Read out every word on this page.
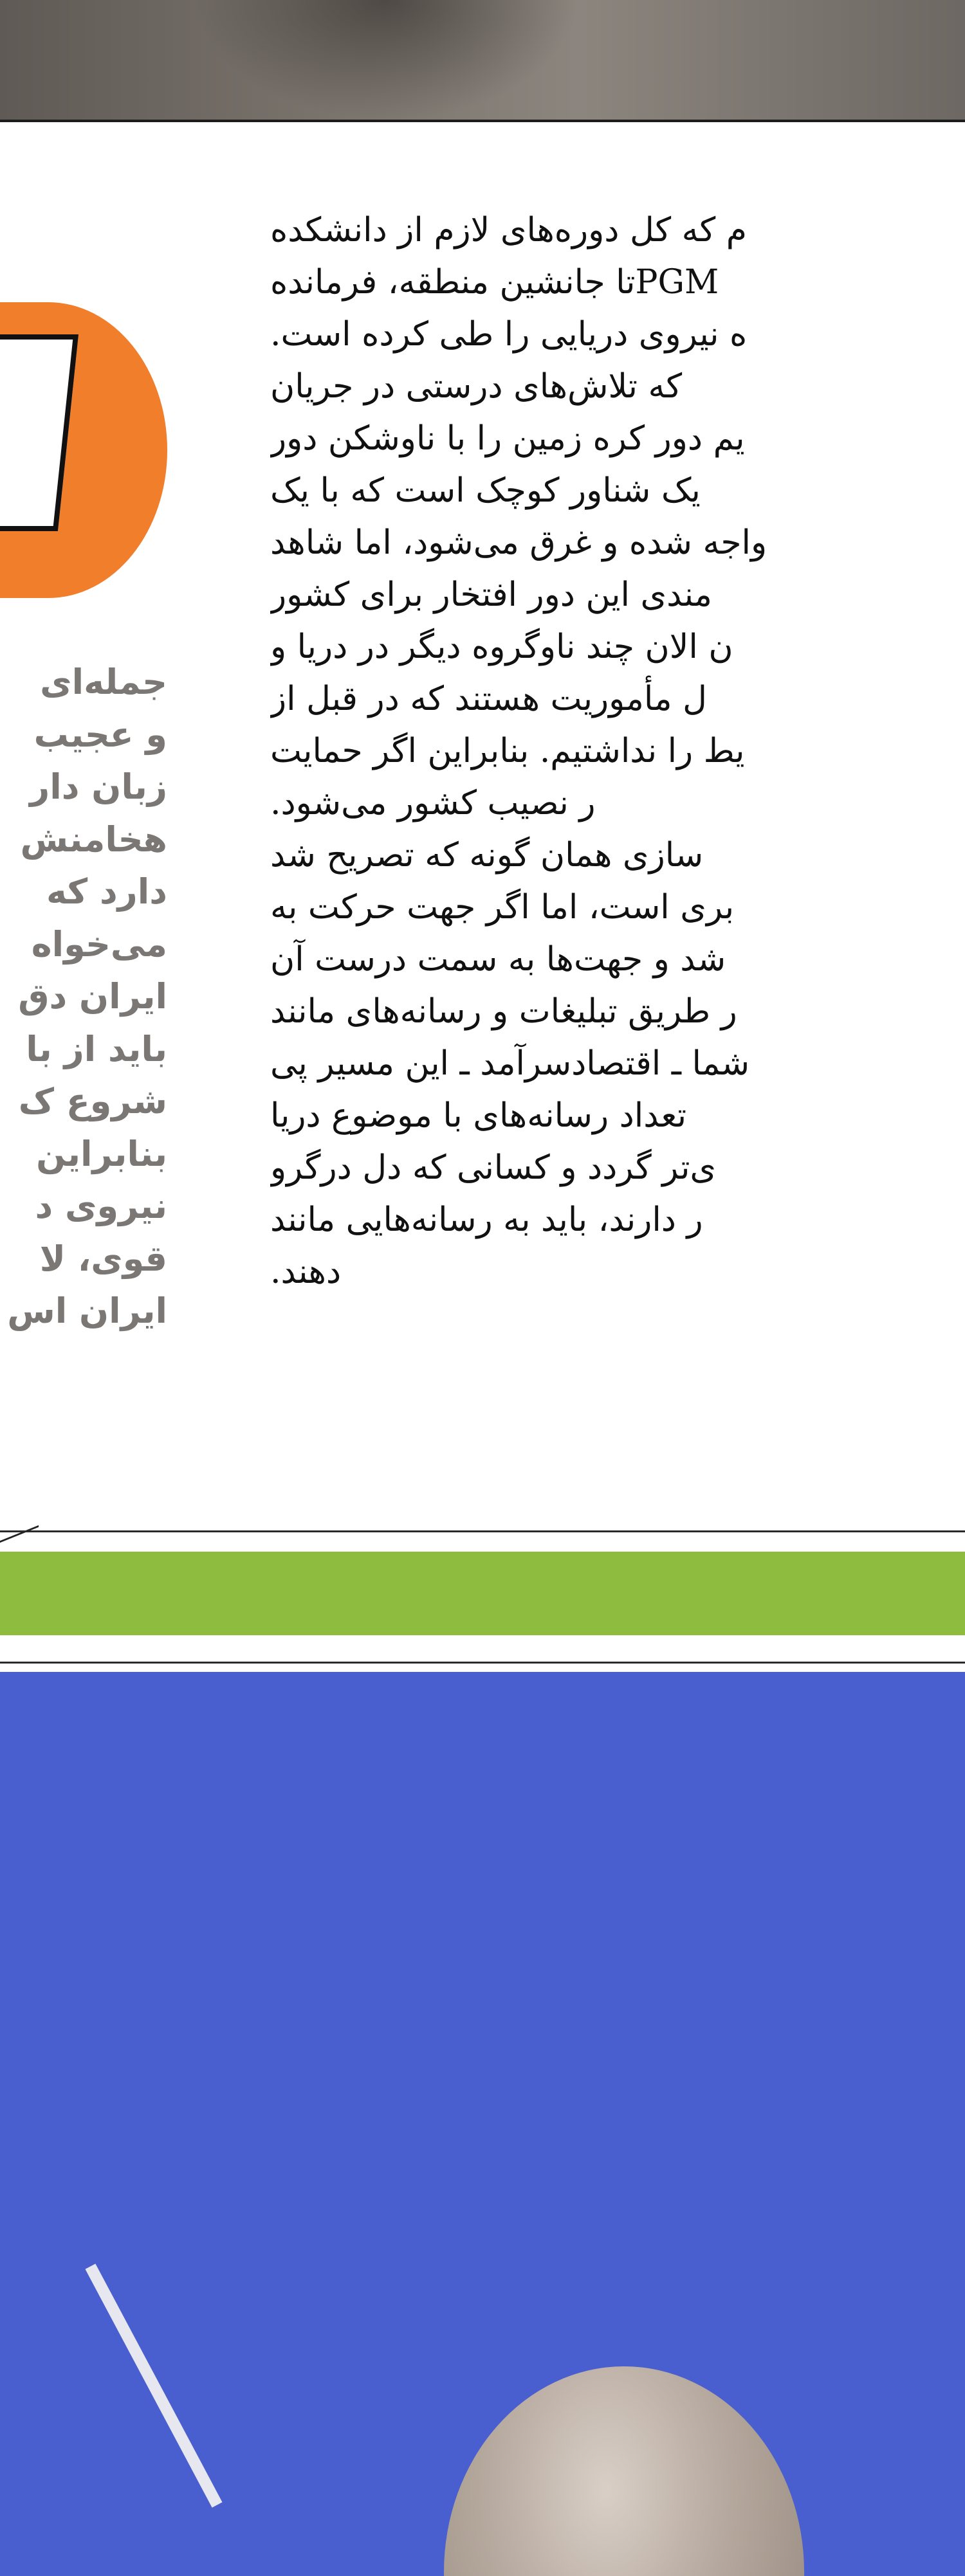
جمله‌ای
و عجیب
زبان دار
هخامنش
دارد که
می‌خواه
ایران دق
باید از با
شروع ک
بنابراین
نیروی د
قوی، لا
ایران اس
م که کل دوره‌های لازم از دانشکده
PGMتا جانشین منطقه، فرمانده
ه نیروی دریایی را طی کرده است.
که تلاش‌های درستی در جریان
یم دور کره زمین را با ناوشکن دور
یک شناور کوچک است که با یک
واجه شده و غرق می‌شود، اما شاهد
مندی این دور افتخار برای کشور
ن الان چند ناوگروه دیگر در دریا و
ل مأموریت هستند که در قبل از
یط را نداشتیم. بنابراین اگر حمایت
ر نصیب کشور می‌شود.
سازی همان گونه که تصریح شد
بری است، اما اگر جهت حرکت به
شد و جهت‌ها به سمت درست آن
ر طریق تبلیغات و رسانه‌های مانند
شما ـ اقتصادسرآمد ـ این مسیر پی
تعداد رسانه‌های با موضوع دریا
ی‌تر گردد و کسانی که دل درگرو
ر دارند، باید به رسانه‌هایی مانند
دهند.
